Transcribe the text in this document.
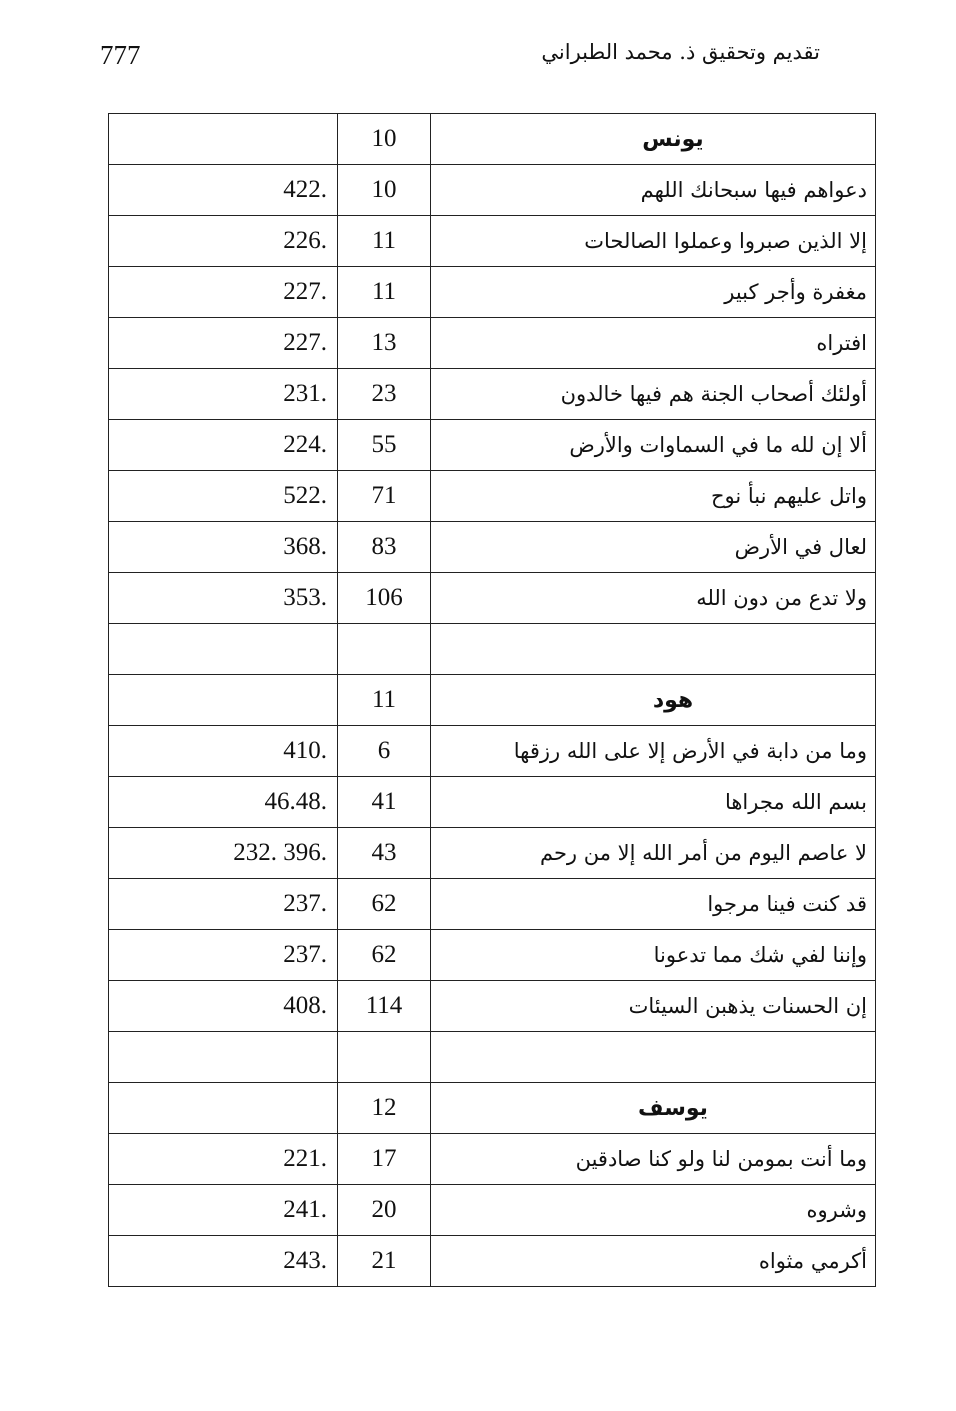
777	تقديم وتحقيق ذ. محمد الطبراني
	10	يونس
422.	10	دعواهم فيها سبحانك اللهم
226.	11	إلا الذين صبروا وعملوا الصالحات
227.	11	مغفرة وأجر كبير
227.	13	افتراه
231.	23	أولئك أصحاب الجنة هم فيها خالدون
224.	55	ألا إن لله ما في السماوات والأرض
522.	71	واتل عليهم نبأ نوح
368.	83	لعال في الأرض
353.	106	ولا تدع من دون الله

	11	هود
410.	6	وما من دابة في الأرض إلا على الله رزقها
46.48.	41	بسم الله مجراها
232. 396.	43	لا عاصم اليوم من أمر الله إلا من رحم
237.	62	قد كنت فينا مرجوا
237.	62	وإننا لفي شك مما تدعونا
408.	114	إن الحسنات يذهبن السيئات

	12	يوسف
221.	17	وما أنت بمومن لنا ولو كنا صادقين
241.	20	وشروه
243.	21	أكرمي مثواه
